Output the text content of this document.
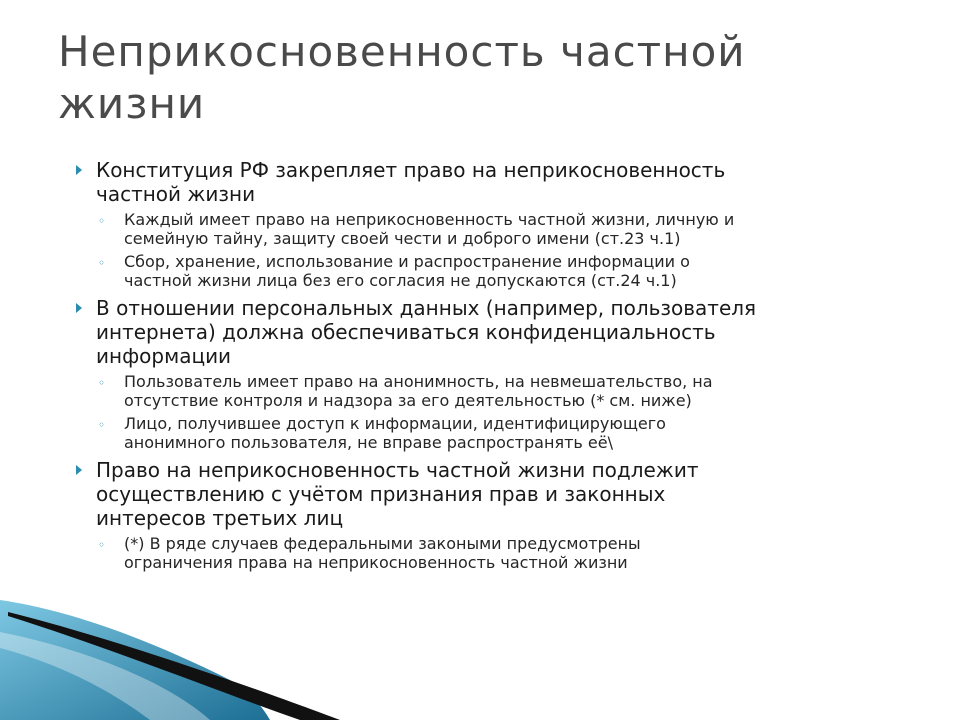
Неприкосновенность частной
жизни
Конституция РФ закрепляет право на неприкосновенность
частной жизни
◦ Каждый имеет право на неприкосновенность частной жизни, личную и
семейную тайну, защиту своей чести и доброго имени (ст.23 ч.1)
◦ Сбор, хранение, использование и распространение информации о
частной жизни лица без его согласия не допускаются (ст.24 ч.1)
В отношении персональных данных (например, пользователя
интернета) должна обеспечиваться конфиденциальность
информации
◦ Пользователь имеет право на анонимность, на невмешательство, на
отсутствие контроля и надзора за его деятельностью (* см. ниже)
◦ Лицо, получившее доступ к информации, идентифицирующего
анонимного пользователя, не вправе распространять её\
Право на неприкосновенность частной жизни подлежит
осуществлению с учётом признания прав и законных
интересов третьих лиц
◦ (*) В ряде случаев федеральными закоными предусмотрены
ограничения права на неприкосновенность частной жизни
